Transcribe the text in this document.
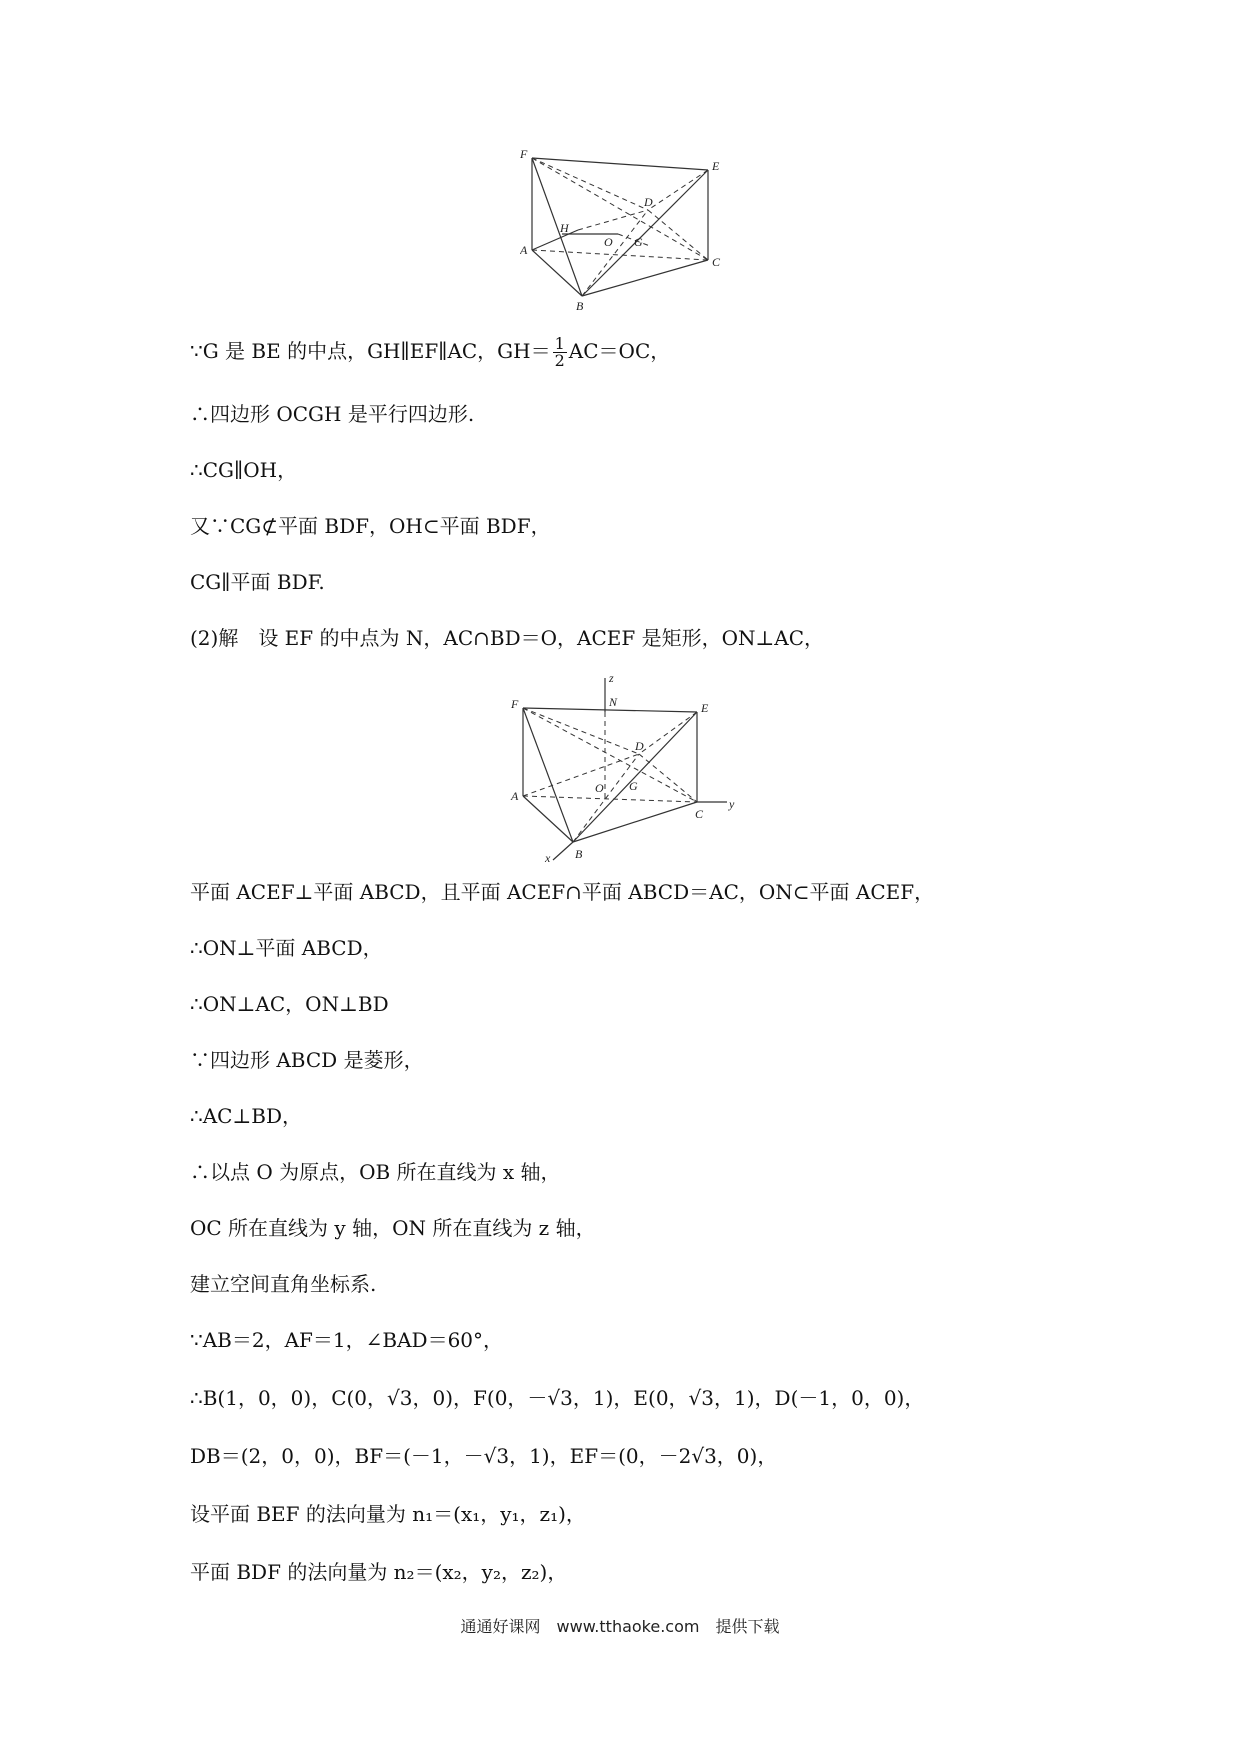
F
E
D
H
O G
A
C
B
∵G 是 BE 的中点，GH∥EF∥AC，$GH= \frac{1}{2} AC=OC$，
∴四边形 OCGH 是平行四边形.
∴CG∥OH，
又∵CG⊄平面 BDF，OH⊂平面 BDF，
CG∥平面 BDF.
(2)解　设 EF 的中点为 N，AC∩BD＝O，ACEF 是矩形，ON⊥AC，
z
N
F	E
D
A
O G
C
y
B
x
平面 ACEF⊥平面 ABCD，且平面 ACEF∩平面 ABCD＝AC，ON⊂平面 ACEF，
∴ON⊥平面 ABCD，
∴ON⊥AC，ON⊥BD
∵四边形 ABCD 是菱形，
∴AC⊥BD，
∴以点 O 为原点，OB 所在直线为 x 轴，
OC 所在直线为 y 轴，ON 所在直线为 z 轴，
建立空间直角坐标系.
∵AB＝2，AF＝1，∠BAD＝60°，
∴B(1，0，0)，C(0，√3，0)，F(0，－√3，1)，E(0，√3，1)，D(－1，0，0)，
DB＝(2，0，0)，BF＝(－1，－√3，1)，EF＝(0，－2√3，0)，
设平面 BEF 的法向量为 n₁＝(x₁，y₁，z₁)，
平面 BDF 的法向量为 n₂＝(x₂，y₂，z₂)，
通通好课网　www.tthaoke.com　提供下载
